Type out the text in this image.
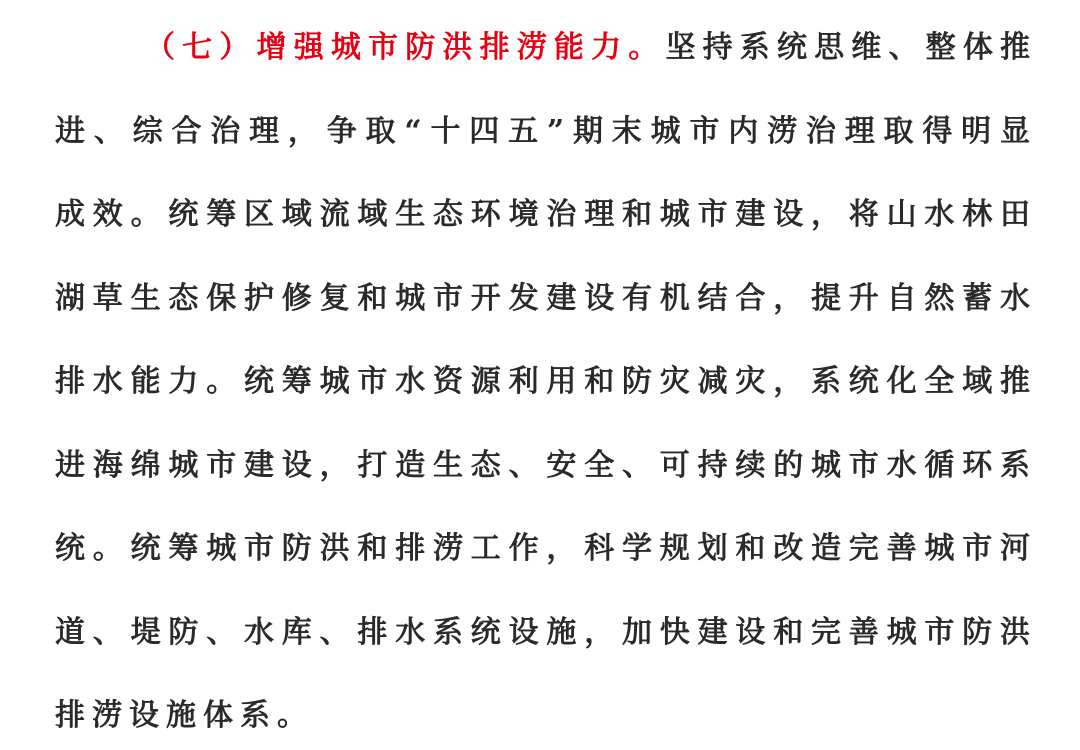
（七）增强城市防洪排涝能力。坚持系统思维、整体推
进、综合治理，争取“十四五”期末城市内涝治理取得明显
成效。统筹区域流域生态环境治理和城市建设，将山水林田
湖草生态保护修复和城市开发建设有机结合，提升自然蓄水
排水能力。统筹城市水资源利用和防灾减灾，系统化全域推
进海绵城市建设，打造生态、安全、可持续的城市水循环系
统。统筹城市防洪和排涝工作，科学规划和改造完善城市河
道、堤防、水库、排水系统设施，加快建设和完善城市防洪
排涝设施体系。
